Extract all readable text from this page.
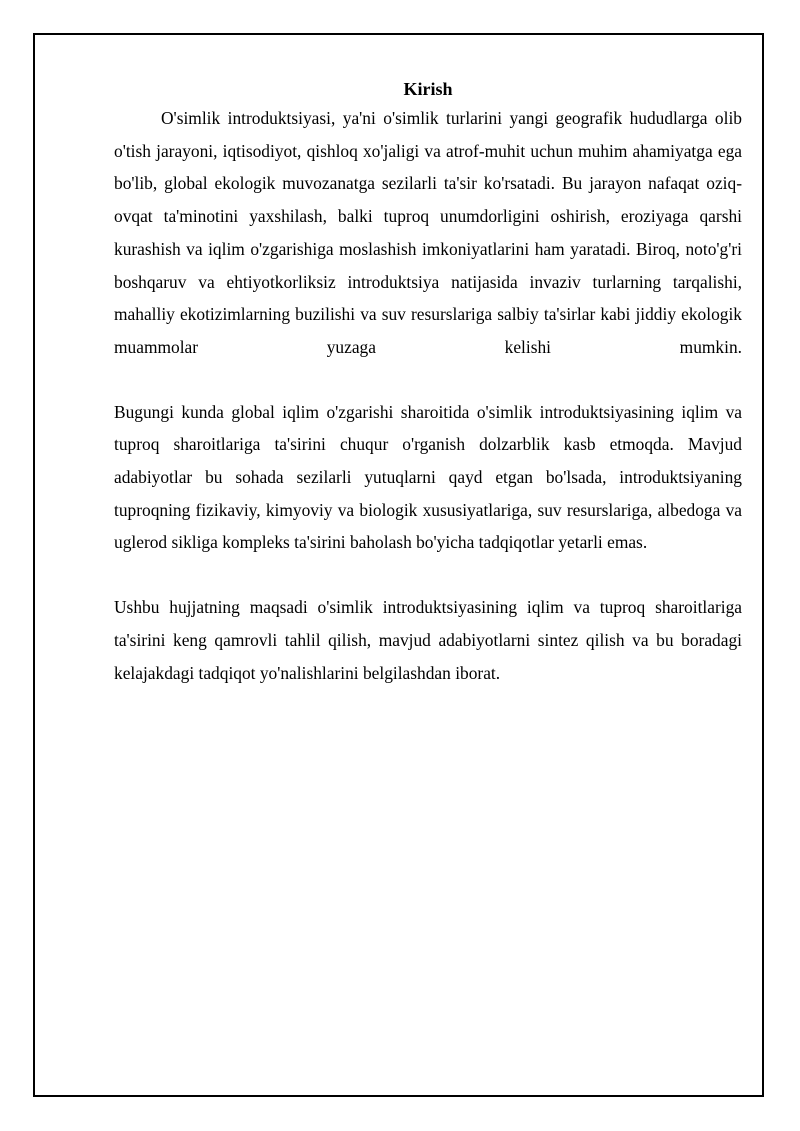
Kirish

O'simlik introduktsiyasi, ya'ni o'simlik turlarini yangi geografik hududlarga olib o'tish jarayoni, iqtisodiyot, qishloq xo'jaligi va atrof-muhit uchun muhim ahamiyatga ega bo'lib, global ekologik muvozanatga sezilarli ta'sir ko'rsatadi. Bu jarayon nafaqat oziq-ovqat ta'minotini yaxshilash, balki tuproq unumdorligini oshirish, eroziyaga qarshi kurashish va iqlim o'zgarishiga moslashish imkoniyatlarini ham yaratadi. Biroq, noto'g'ri boshqaruv va ehtiyotkorliksiz introduktsiya natijasida invaziv turlarning tarqalishi, mahalliy ekotizimlarning buzilishi va suv resurslariga salbiy ta'sirlar kabi jiddiy ekologik muammolar yuzaga kelishi mumkin.

Bugungi kunda global iqlim o'zgarishi sharoitida o'simlik introduktsiyasining iqlim va tuproq sharoitlariga ta'sirini chuqur o'rganish dolzarblik kasb etmoqda. Mavjud adabiyotlar bu sohada sezilarli yutuqlarni qayd etgan bo'lsada, introduktsiyaning tuproqning fizikaviy, kimyoviy va biologik xususiyatlariga, suv resurslariga, albedoga va uglerod sikliga kompleks ta'sirini baholash bo'yicha tadqiqotlar yetarli emas.

Ushbu hujjatning maqsadi o'simlik introduktsiyasining iqlim va tuproq sharoitlariga ta'sirini keng qamrovli tahlil qilish, mavjud adabiyotlarni sintez qilish va bu boradagi kelajakdagi tadqiqot yo'nalishlarini belgilashdan iborat.
